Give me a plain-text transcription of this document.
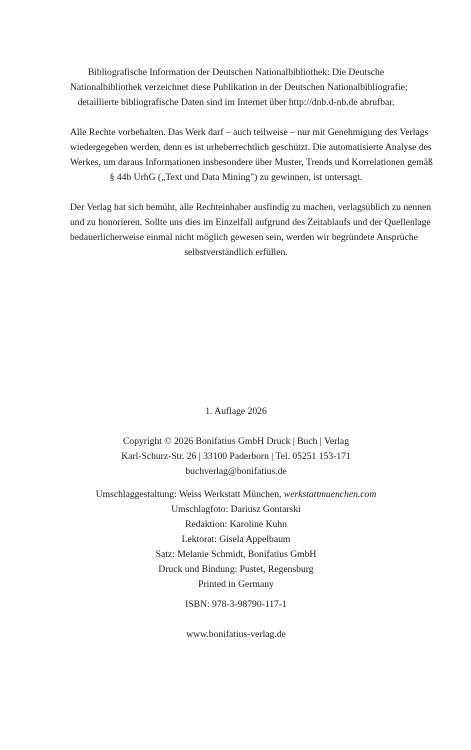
Bibliografische Information der Deutschen Nationalbibliothek: Die Deutsche
Nationalbibliothek verzeichnet diese Publikation in der Deutschen Nationalbibliografie;
detaillierte bibliografische Daten sind im Internet über http://dnb.d-nb.de abrufbar.
Alle Rechte vorbehalten. Das Werk darf – auch teilweise – nur mit Genehmigung des Verlags
wiedergegeben werden, denn es ist urheberrechtlich geschützt. Die automatisierte Analyse des
Werkes, um daraus Informationen insbesondere über Muster, Trends und Korrelationen gemäß
§ 44b UrhG („Text und Data Mining") zu gewinnen, ist untersagt.
Der Verlag hat sich bemüht, alle Rechteinhaber ausfindig zu machen, verlagsüblich zu nennen
und zu honorieren. Sollte uns dies im Einzelfall aufgrund des Zeitablaufs und der Quellenlage
bedauerlicherweise einmal nicht möglich gewesen sein, werden wir begründete Ansprüche
selbstverständlich erfüllen.
1. Auflage 2026
Copyright © 2026 Bonifatius GmbH Druck | Buch | Verlag
Karl-Schurz-Str. 26 | 33100 Paderborn | Tel. 05251 153-171
buchverlag@bonifatius.de
Umschlaggestaltung: Weiss Werkstatt München, werkstattmuenchen.com
Umschlagfoto: Dariusz Gontarski
Redaktion: Karoline Kuhn
Lektorat: Gisela Appelbaum
Satz: Melanie Schmidt, Bonifatius GmbH
Druck und Bindung: Pustet, Regensburg
Printed in Germany
ISBN: 978-3-98790-117-1
www.bonifatius-verlag.de
